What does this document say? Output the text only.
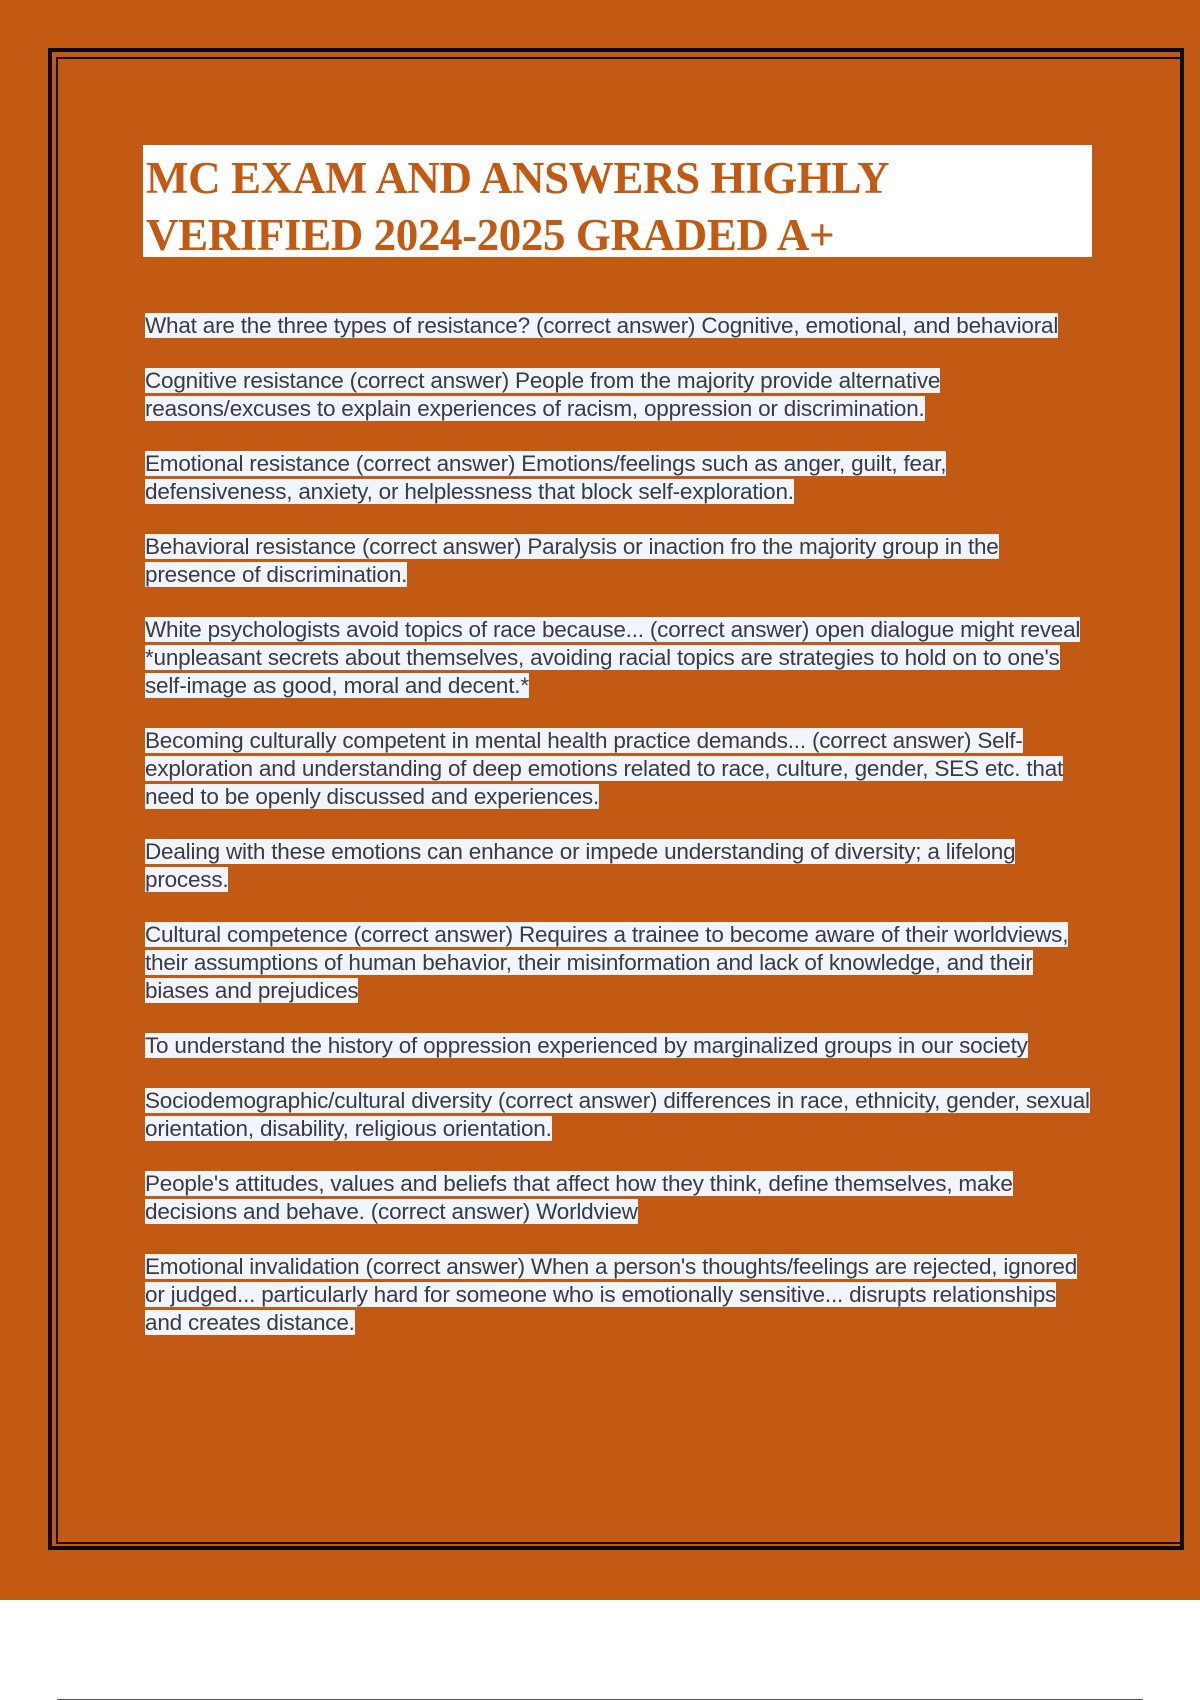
MC EXAM AND ANSWERS HIGHLY VERIFIED 2024-2025 GRADED A+

What are the three types of resistance? (correct answer) Cognitive, emotional, and behavioral

Cognitive resistance (correct answer) People from the majority provide alternative reasons/excuses to explain experiences of racism, oppression or discrimination.

Emotional resistance (correct answer) Emotions/feelings such as anger, guilt, fear, defensiveness, anxiety, or helplessness that block self-exploration.

Behavioral resistance (correct answer) Paralysis or inaction fro the majority group in the presence of discrimination.

White psychologists avoid topics of race because... (correct answer) open dialogue might reveal *unpleasant secrets about themselves, avoiding racial topics are strategies to hold on to one's self-image as good, moral and decent.*

Becoming culturally competent in mental health practice demands... (correct answer) Self-exploration and understanding of deep emotions related to race, culture, gender, SES etc. that need to be openly discussed and experiences.

Dealing with these emotions can enhance or impede understanding of diversity; a lifelong process.

Cultural competence (correct answer) Requires a trainee to become aware of their worldviews, their assumptions of human behavior, their misinformation and lack of knowledge, and their biases and prejudices

To understand the history of oppression experienced by marginalized groups in our society

Sociodemographic/cultural diversity (correct answer) differences in race, ethnicity, gender, sexual orientation, disability, religious orientation.

People's attitudes, values and beliefs that affect how they think, define themselves, make decisions and behave. (correct answer) Worldview

Emotional invalidation (correct answer) When a person's thoughts/feelings are rejected, ignored or judged... particularly hard for someone who is emotionally sensitive... disrupts relationships and creates distance.
